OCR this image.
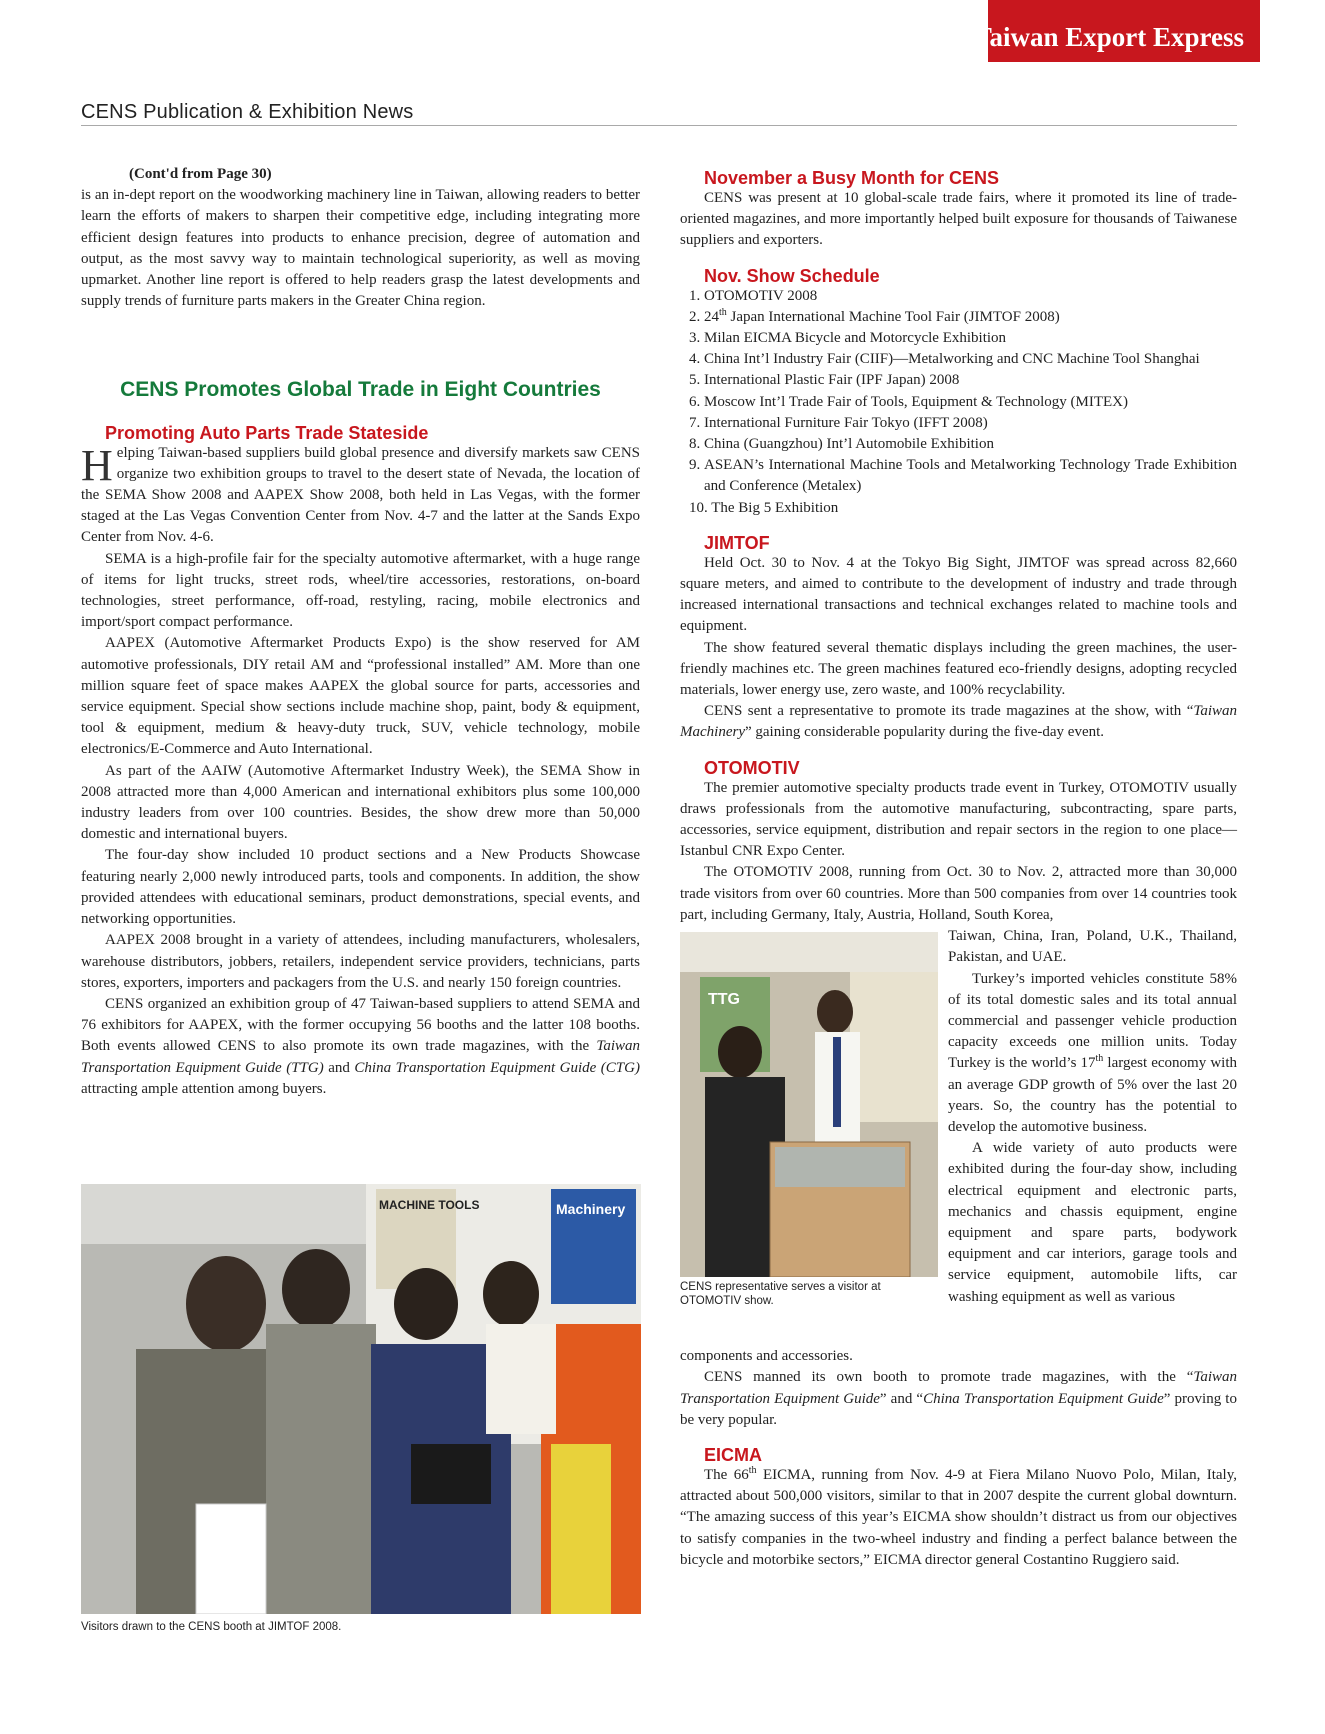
Taiwan Export Express
CENS Publication & Exhibition News

(Cont'd from Page 30)

is an in-dept report on the woodworking machinery line in Taiwan, allowing readers to better learn the efforts of makers to sharpen their competitive edge, including integrating more efficient design features into products to enhance precision, degree of automation and output, as the most savvy way to maintain technological superiority, as well as moving upmarket. Another line report is offered to help readers grasp the latest developments and supply trends of furniture parts makers in the Greater China region.

CENS Promotes Global Trade in Eight Countries

Promoting Auto Parts Trade Stateside

Helping Taiwan-based suppliers build global presence and diversify markets saw CENS organize two exhibition groups to travel to the desert state of Nevada, the location of the SEMA Show 2008 and AAPEX Show 2008, both held in Las Vegas, with the former staged at the Las Vegas Convention Center from Nov. 4-7 and the latter at the Sands Expo Center from Nov. 4-6.

SEMA is a high-profile fair for the specialty automotive aftermarket, with a huge range of items for light trucks, street rods, wheel/tire accessories, restorations, on-board technologies, street performance, off-road, restyling, racing, mobile electronics and import/sport compact performance.

AAPEX (Automotive Aftermarket Products Expo) is the show reserved for AM automotive professionals, DIY retail AM and “professional installed” AM. More than one million square feet of space makes AAPEX the global source for parts, accessories and service equipment. Special show sections include machine shop, paint, body & equipment, tool & equipment, medium & heavy-duty truck, SUV, vehicle technology, mobile electronics/E-Commerce and Auto International.

As part of the AAIW (Automotive Aftermarket Industry Week), the SEMA Show in 2008 attracted more than 4,000 American and international exhibitors plus some 100,000 industry leaders from over 100 countries. Besides, the show drew more than 50,000 domestic and international buyers.

The four-day show included 10 product sections and a New Products Showcase featuring nearly 2,000 newly introduced parts, tools and components. In addition, the show provided attendees with educational seminars, product demonstrations, special events, and networking opportunities.

AAPEX 2008 brought in a variety of attendees, including manufacturers, wholesalers, warehouse distributors, jobbers, retailers, independent service providers, technicians, parts stores, exporters, importers and packagers from the U.S. and nearly 150 foreign countries.

CENS organized an exhibition group of 47 Taiwan-based suppliers to attend SEMA and 76 exhibitors for AAPEX, with the former occupying 56 booths and the latter 108 booths. Both events allowed CENS to also promote its own trade magazines, with the Taiwan Transportation Equipment Guide (TTG) and China Transportation Equipment Guide (CTG) attracting ample attention among buyers.

MACHINE TOOLS	Machinery
Visitors drawn to the CENS booth at JIMTOF 2008.

November a Busy Month for CENS

CENS was present at 10 global-scale trade fairs, where it promoted its line of trade-oriented magazines, and more importantly helped built exposure for thousands of Taiwanese suppliers and exporters.

Nov. Show Schedule

1. OTOMOTIV 2008
2. 24th Japan International Machine Tool Fair (JIMTOF 2008)
3. Milan EICMA Bicycle and Motorcycle Exhibition
4. China Int’l Industry Fair (CIIF)—Metalworking and CNC Machine Tool Shanghai
5. International Plastic Fair (IPF Japan) 2008
6. Moscow Int’l Trade Fair of Tools, Equipment & Technology (MITEX)
7. International Furniture Fair Tokyo (IFFT 2008)
8. China (Guangzhou) Int’l Automobile Exhibition
9. ASEAN’s International Machine Tools and Metalworking Technology Trade Exhibition and Conference (Metalex)
10. The Big 5 Exhibition

JIMTOF

Held Oct. 30 to Nov. 4 at the Tokyo Big Sight, JIMTOF was spread across 82,660 square meters, and aimed to contribute to the development of industry and trade through increased international transactions and technical exchanges related to machine tools and equipment.

The show featured several thematic displays including the green machines, the user-friendly machines etc. The green machines featured eco-friendly designs, adopting recycled materials, lower energy use, zero waste, and 100% recyclability.

CENS sent a representative to promote its trade magazines at the show, with “Taiwan Machinery” gaining considerable popularity during the five-day event.

OTOMOTIV

The premier automotive specialty products trade event in Turkey, OTOMOTIV usually draws professionals from the automotive manufacturing, subcontracting, spare parts, accessories, service equipment, distribution and repair sectors in the region to one place—Istanbul CNR Expo Center.

The OTOMOTIV 2008, running from Oct. 30 to Nov. 2, attracted more than 30,000 trade visitors from over 60 countries. More than 500 companies from over 14 countries took part, including Germany, Italy, Austria, Holland, South Korea,

TTG
CENS representative serves a visitor at OTOMOTIV show.

Taiwan, China, Iran, Poland, U.K., Thailand, Pakistan, and UAE.

Turkey’s imported vehicles constitute 58% of its total domestic sales and its total annual commercial and passenger vehicle production capacity exceeds one million units. Today Turkey is the world’s 17th largest economy with an average GDP growth of 5% over the last 20 years. So, the country has the potential to develop the automotive business.

A wide variety of auto products were exhibited during the four-day show, including electrical equipment and electronic parts, mechanics and chassis equipment, engine equipment and spare parts, bodywork equipment and car interiors, garage tools and service equipment, automobile lifts, car washing equipment as well as various

components and accessories.

CENS manned its own booth to promote trade magazines, with the “Taiwan Transportation Equipment Guide” and “China Transportation Equipment Guide” proving to be very popular.

EICMA

The 66th EICMA, running from Nov. 4-9 at Fiera Milano Nuovo Polo, Milan, Italy, attracted about 500,000 visitors, similar to that in 2007 despite the current global downturn. “The amazing success of this year’s EICMA show shouldn’t distract us from our objectives to satisfy companies in the two-wheel industry and finding a perfect balance between the bicycle and motorbike sectors,” EICMA director general Costantino Ruggiero said.
